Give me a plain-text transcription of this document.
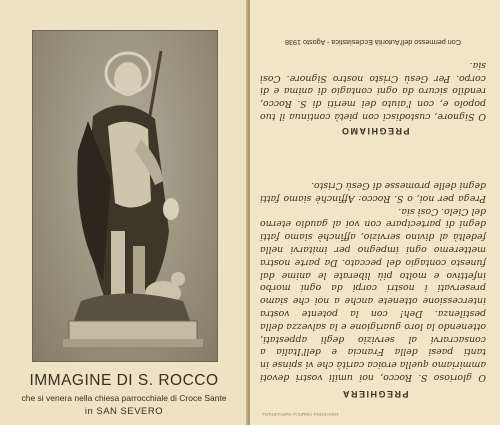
IMMAGINE DI S. ROCCO
che si venera nella chiesa parrocchiale di Croce Sante
in SAN SEVERO	INDUSTRIA GRAFICA NAPOLETANA
PREGHIERA
O glorioso S. Rocco, noi umili vostri devoti ammiriamo quella eroica carità che vi spinse in tanti paesi della Francia e dell'Italia a consacrarvi al servizio degli appestati, ottenendo la loro guarigione e la salvezza della pestilenza. Deh! con la potente vostra intercessione ottenete anche a noi che siamo preservati i nostri corpi da ogni morbo infettivo e molto più liberate le anime dal funesto contagio del peccato. Da parte nostra metteremo ogni impegno per imitarvi nella fedeltà al divino servizio, affinchè siamo fatti degni di partecipare con voi al gaudio eterno del Cielo. Così sia.
Prega per noi, o S. Rocco: Affinchè siamo fatti degni delle promesse di Gesù Cristo.
PREGHIAMO
O Signore, custodisci con pietà continua il tuo popolo e, con l'aiuto dei meriti di S. Rocco, rendilo sicuro da ogni contagio di anima e di corpo. Per Gesù Cristo nostro Signore. Così sia.
Con permesso dell'Autorità Ecclesiastica - Agosto 1938
